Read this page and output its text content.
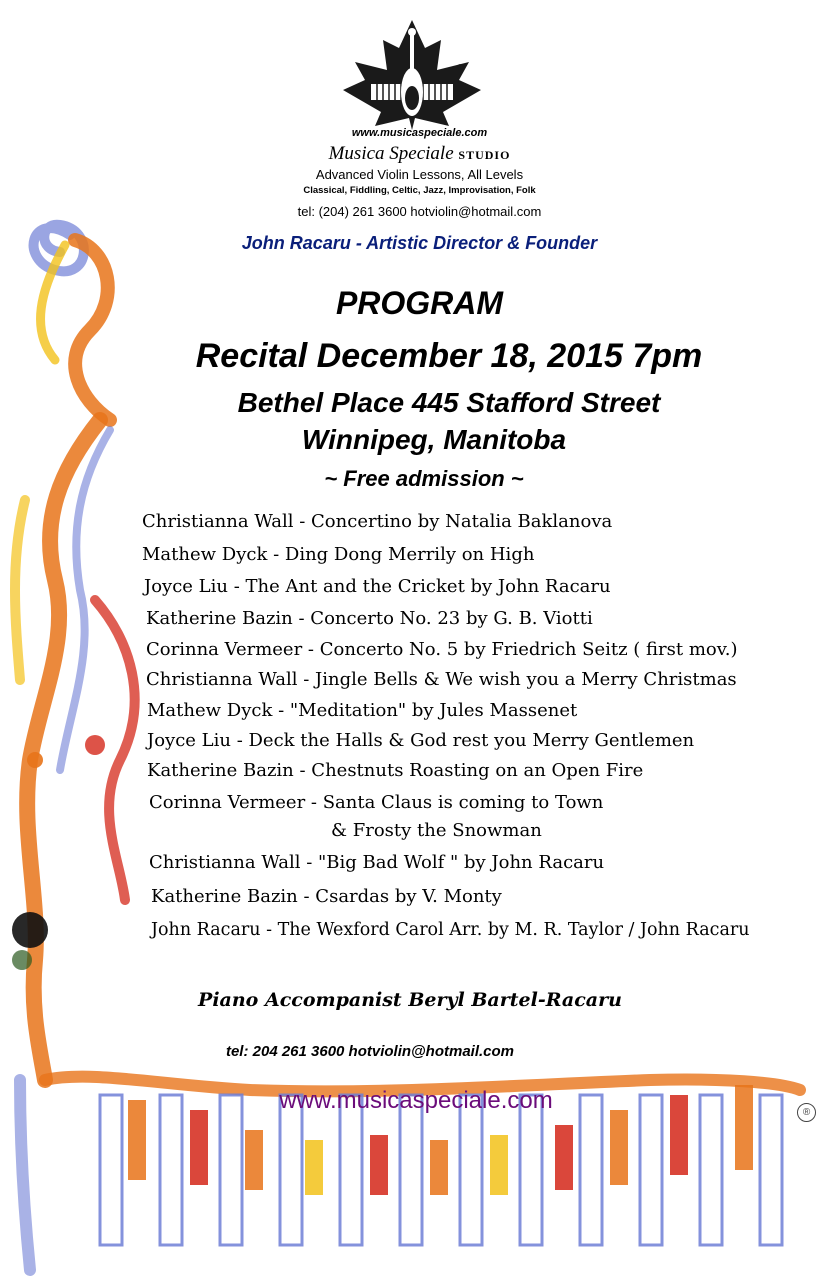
®
www.musicaspeciale.com
Musica Speciale STUDIO
Advanced Violin Lessons, All Levels
Classical, Fiddling, Celtic, Jazz, Improvisation, Folk
tel: (204) 261 3600 hotviolin@hotmail.com
John Racaru - Artistic Director & Founder
PROGRAM
Recital December 18, 2015 7pm
Bethel Place 445 Stafford Street
Winnipeg, Manitoba
~ Free admission ~
Christianna Wall - Concertino by Natalia Baklanova
Mathew Dyck - Ding Dong Merrily on High
Joyce Liu - The Ant and the Cricket by John Racaru
Katherine Bazin - Concerto No. 23 by G. B. Viotti
Corinna Vermeer - Concerto No. 5 by Friedrich Seitz ( first mov.)
Christianna Wall - Jingle Bells & We wish you a Merry Christmas
Mathew Dyck - "Meditation" by Jules Massenet
Joyce Liu - Deck the Halls & God rest you Merry Gentlemen
Katherine Bazin - Chestnuts Roasting on an Open Fire
Corinna Vermeer - Santa Claus is coming to Town
& Frosty the Snowman
Christianna Wall - "Big Bad Wolf " by John Racaru
Katherine Bazin - Csardas by V. Monty
John Racaru - The Wexford Carol Arr. by M. R. Taylor / John Racaru
Piano Accompanist Beryl Bartel-Racaru
tel: 204 261 3600 hotviolin@hotmail.com
www.musicaspeciale.com	®
